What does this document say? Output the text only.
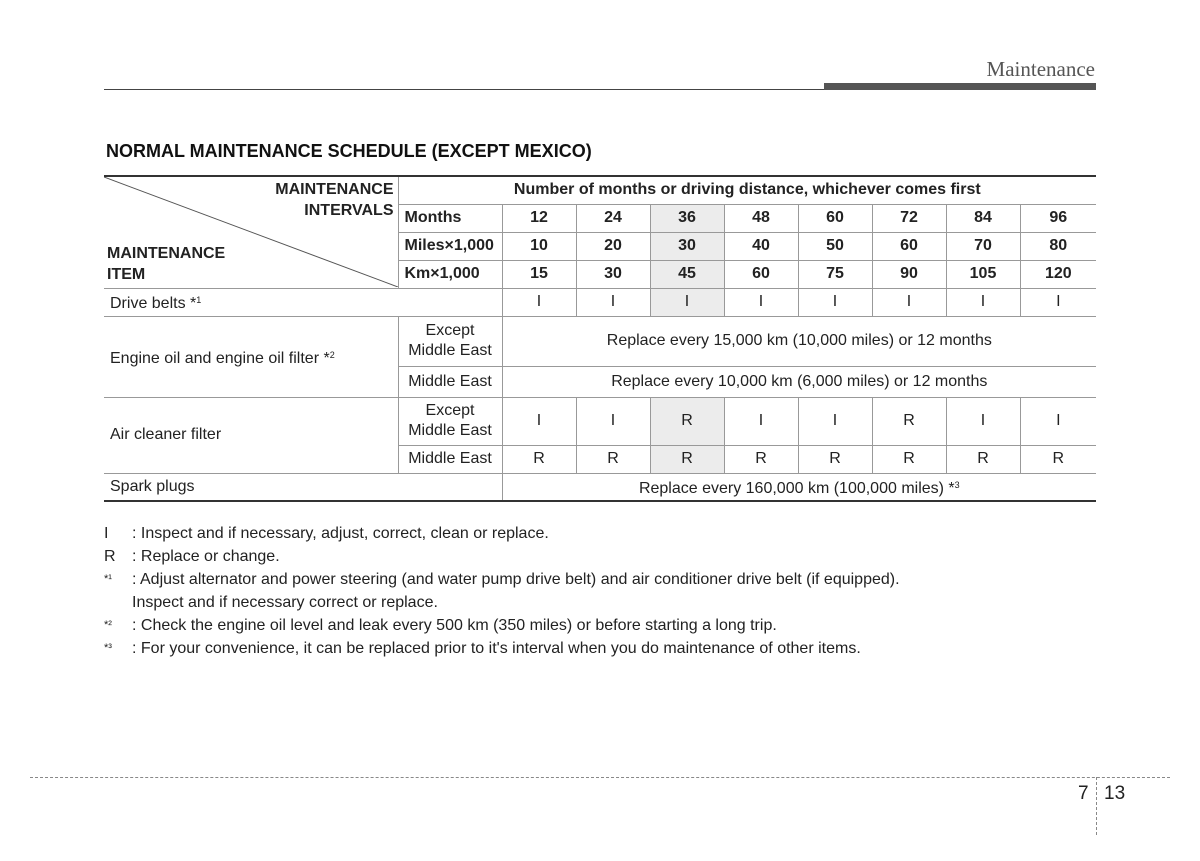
Maintenance
NORMAL MAINTENANCE SCHEDULE (EXCEPT MEXICO)
MAINTENANCE
INTERVALS
MAINTENANCE
ITEM	Number of months or driving distance, whichever comes first								
	Months	12	24	36	48	60	72	84	96
	Miles×1,000	10	20	30	40	50	60	70	80
	Km×1,000	15	30	45	60	75	90	105	120
Drive belts *$^1$		I	I	I	I	I	I	I	I
Engine oil and engine oil filter *$^2$	Except
Middle East	Replace every 15,000 km (10,000 miles) or 12 months							
	Middle East	Replace every 10,000 km (6,000 miles) or 12 months							
Air cleaner filter	Except
Middle East	I	I	R	I	I	R	I	I
	Middle East	R	R	R	R	R	R	R	R
Spark plugs		Replace every 160,000 km (100,000 miles) *$^3$
I	: Inspect and if necessary, adjust, correct, clean or replace.
R	: Replace or change.
*¹	: Adjust alternator and power steering (and water pump drive belt) and air conditioner drive belt (if equipped).
Inspect and if necessary correct or replace.
*²	: Check the engine oil level and leak every 500 km (350 miles) or before starting a long trip.
*³	: For your convenience, it can be replaced prior to it's interval when you do maintenance of other items.
7 13
